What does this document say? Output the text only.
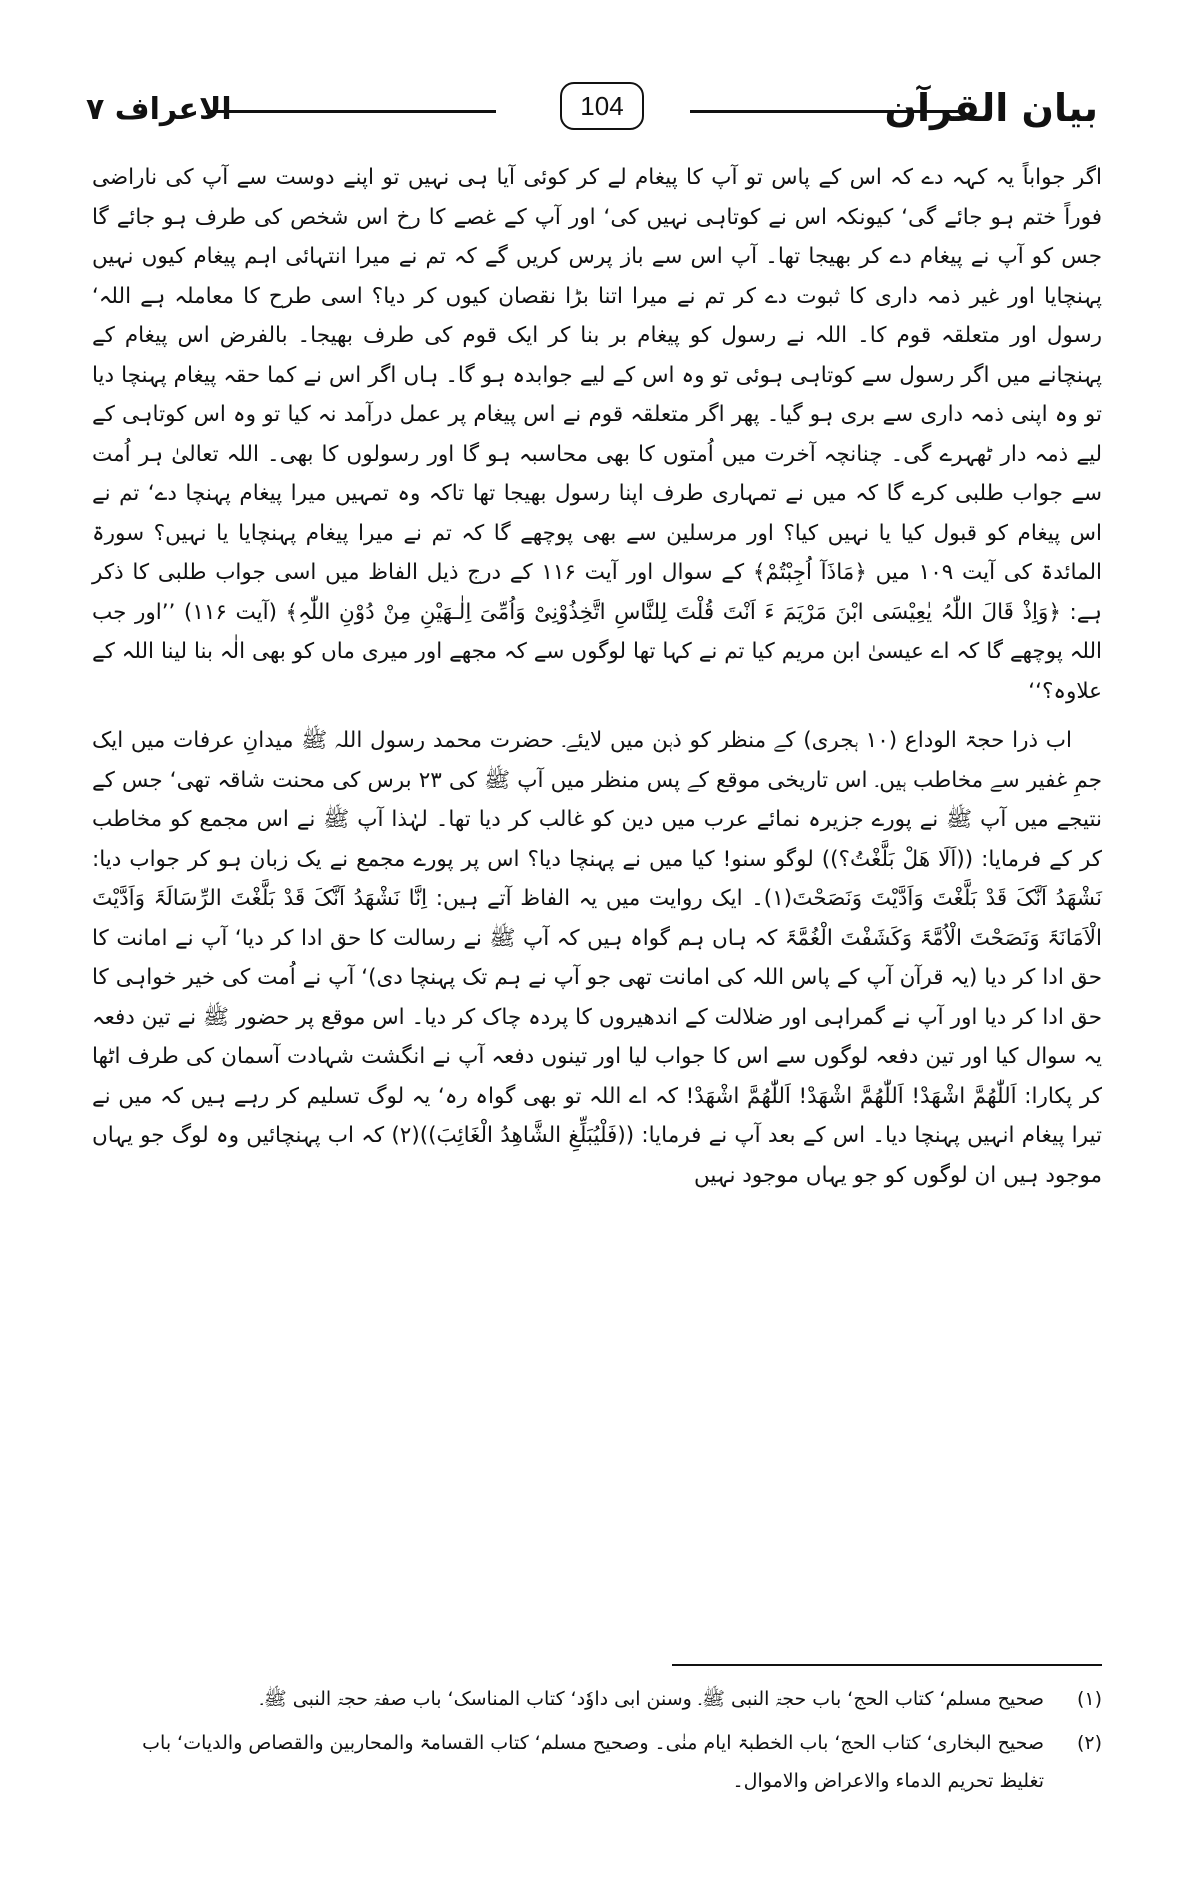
بیان القرآن
104
الاعراف ۷

اگر جواباً یہ کہہ دے کہ اس کے پاس تو آپ کا پیغام لے کر کوئی آیا ہی نہیں تو اپنے دوست سے آپ کی ناراضی فوراً ختم ہو جائے گی‘ کیونکہ اس نے کوتاہی نہیں کی‘ اور آپ کے غصے کا رخ اس شخص کی طرف ہو جائے گا جس کو آپ نے پیغام دے کر بھیجا تھا۔ آپ اس سے باز پرس کریں گے کہ تم نے میرا انتہائی اہم پیغام کیوں نہیں پہنچایا اور غیر ذمہ داری کا ثبوت دے کر تم نے میرا اتنا بڑا نقصان کیوں کر دیا؟ اسی طرح کا معاملہ ہے اللہ‘ رسول اور متعلقہ قوم کا۔ اللہ نے رسول کو پیغام بر بنا کر ایک قوم کی طرف بھیجا۔ بالفرض اس پیغام کے پہنچانے میں اگر رسول سے کوتاہی ہوئی تو وہ اس کے لیے جوابدہ ہو گا۔ ہاں اگر اس نے کما حقہ پیغام پہنچا دیا تو وہ اپنی ذمہ داری سے بری ہو گیا۔ پھر اگر متعلقہ قوم نے اس پیغام پر عمل درآمد نہ کیا تو وہ اس کوتاہی کے لیے ذمہ دار ٹھہرے گی۔ چنانچہ آخرت میں اُمتوں کا بھی محاسبہ ہو گا اور رسولوں کا بھی۔ اللہ تعالیٰ ہر اُمت سے جواب طلبی کرے گا کہ میں نے تمہاری طرف اپنا رسول بھیجا تھا تاکہ وہ تمہیں میرا پیغام پہنچا دے‘ تم نے اس پیغام کو قبول کیا یا نہیں کیا؟ اور مرسلین سے بھی پوچھے گا کہ تم نے میرا پیغام پہنچایا یا نہیں؟ سورۃ المائدۃ کی آیت ۱۰۹ میں ﴿مَاذَآ اُجِبْتُمْ﴾ کے سوال اور آیت ۱۱۶ کے درج ذیل الفاظ میں اسی جواب طلبی کا ذکر ہے: ﴿وَاِذْ قَالَ اللّٰہُ یٰعِیْسَی ابْنَ مَرْیَمَ ءَ اَنْتَ قُلْتَ لِلنَّاسِ اتَّخِذُوْنِیْ وَاُمِّیَ اِلٰـھَیْنِ مِنْ دُوْنِ اللّٰہِ﴾ (آیت ۱۱۶) ’’اور جب اللہ پوچھے گا کہ اے عیسیٰ ابن مریم کیا تم نے کہا تھا لوگوں سے کہ مجھے اور میری ماں کو بھی الٰہ بنا لینا اللہ کے علاوہ؟‘‘

اب ذرا حجۃ الوداع (۱۰ ہجری) کے منظر کو ذہن میں لایئے۔ حضرت محمد رسول اللہ ﷺ میدانِ عرفات میں ایک جمِ غفیر سے مخاطب ہیں۔ اس تاریخی موقع کے پس منظر میں آپ ﷺ کی ۲۳ برس کی محنت شاقہ تھی‘ جس کے نتیجے میں آپ ﷺ نے پورے جزیرہ نمائے عرب میں دین کو غالب کر دیا تھا۔ لہٰذا آپ ﷺ نے اس مجمع کو مخاطب کر کے فرمایا: ((اَلَا ھَلْ بَلَّغْتُ؟)) لوگو سنو! کیا میں نے پہنچا دیا؟ اس پر پورے مجمع نے یک زبان ہو کر جواب دیا: نَشْھَدُ اَنَّکَ قَدْ بَلَّغْتَ وَاَدَّیْتَ وَنَصَحْتَ(۱)۔ ایک روایت میں یہ الفاظ آتے ہیں: اِنَّا نَشْھَدُ اَنَّکَ قَدْ بَلَّغْتَ الرِّسَالَۃَ وَاَدَّیْتَ الْاَمَانَۃَ وَنَصَحْتَ الْاُمَّۃَ وَکَشَفْتَ الْغُمَّۃَ کہ ہاں ہم گواہ ہیں کہ آپ ﷺ نے رسالت کا حق ادا کر دیا‘ آپ نے امانت کا حق ادا کر دیا (یہ قرآن آپ کے پاس اللہ کی امانت تھی جو آپ نے ہم تک پہنچا دی)‘ آپ نے اُمت کی خیر خواہی کا حق ادا کر دیا اور آپ نے گمراہی اور ضلالت کے اندھیروں کا پردہ چاک کر دیا۔ اس موقع پر حضور ﷺ نے تین دفعہ یہ سوال کیا اور تین دفعہ لوگوں سے اس کا جواب لیا اور تینوں دفعہ آپ نے انگشت شہادت آسمان کی طرف اٹھا کر پکارا: اَللّٰھُمَّ اشْھَدْ! اَللّٰھُمَّ اشْھَدْ! اَللّٰھُمَّ اشْھَدْ! کہ اے اللہ تو بھی گواہ رہ‘ یہ لوگ تسلیم کر رہے ہیں کہ میں نے تیرا پیغام انہیں پہنچا دیا۔ اس کے بعد آپ نے فرمایا: ((فَلْیُبَلِّغِ الشَّاھِدُ الْغَائِبَ))(۲) کہ اب پہنچائیں وہ لوگ جو یہاں موجود ہیں ان لوگوں کو جو یہاں موجود نہیں

(۱)
صحیح مسلم‘ کتاب الحج‘ باب حجۃ النبی ﷺ۔ وسنن ابی داوٗد‘ کتاب المناسک‘ باب صفۃ حجۃ النبی ﷺ۔
(۲)
صحیح البخاری‘ کتاب الحج‘ باب الخطبۃ ایام منٰی۔ وصحیح مسلم‘ کتاب القسامۃ والمحاربین والقصاص والدیات‘ باب تغلیظ تحریم الدماء والاعراض والاموال۔
